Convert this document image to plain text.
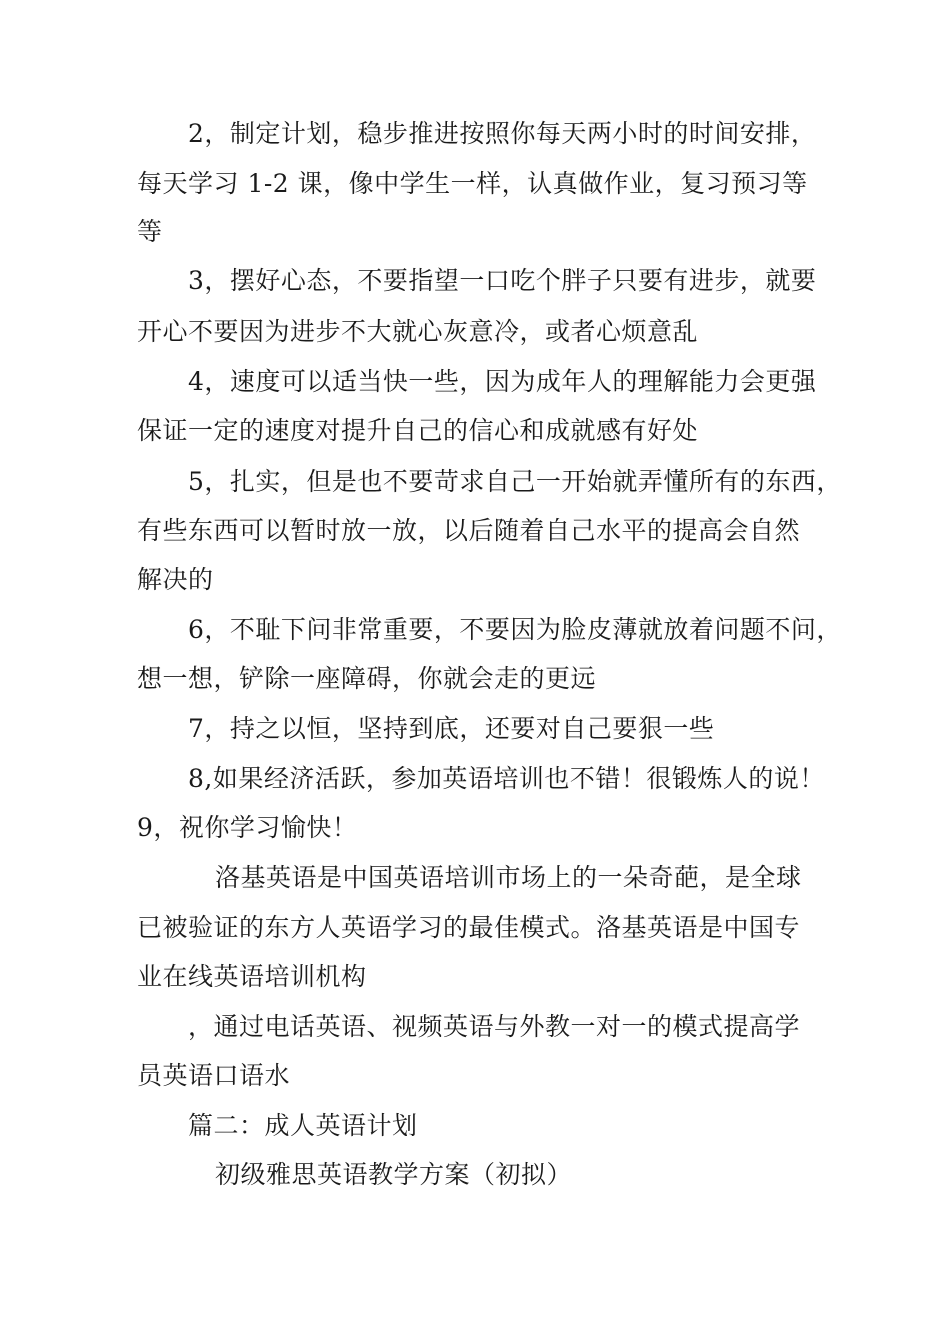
2，制定计划，稳步推进按照你每天两小时的时间安排，
每天学习 1-2 课，像中学生一样，认真做作业，复习预习等
等
3，摆好心态，不要指望一口吃个胖子只要有进步，就要
开心不要因为进步不大就心灰意冷，或者心烦意乱
4，速度可以适当快一些，因为成年人的理解能力会更强
保证一定的速度对提升自己的信心和成就感有好处
5，扎实，但是也不要苛求自己一开始就弄懂所有的东西，
有些东西可以暂时放一放，以后随着自己水平的提高会自然
解决的
6，不耻下问非常重要，不要因为脸皮薄就放着问题不问，
想一想，铲除一座障碍，你就会走的更远
7，持之以恒，坚持到底，还要对自己要狠一些
8,如果经济活跃，参加英语培训也不错！很锻炼人的说！
9，祝你学习愉快！
洛基英语是中国英语培训市场上的一朵奇葩，是全球
已被验证的东方人英语学习的最佳模式。洛基英语是中国专
业在线英语培训机构
，通过电话英语、视频英语与外教一对一的模式提高学
员英语口语水
篇二：成人英语计划
初级雅思英语教学方案（初拟）
